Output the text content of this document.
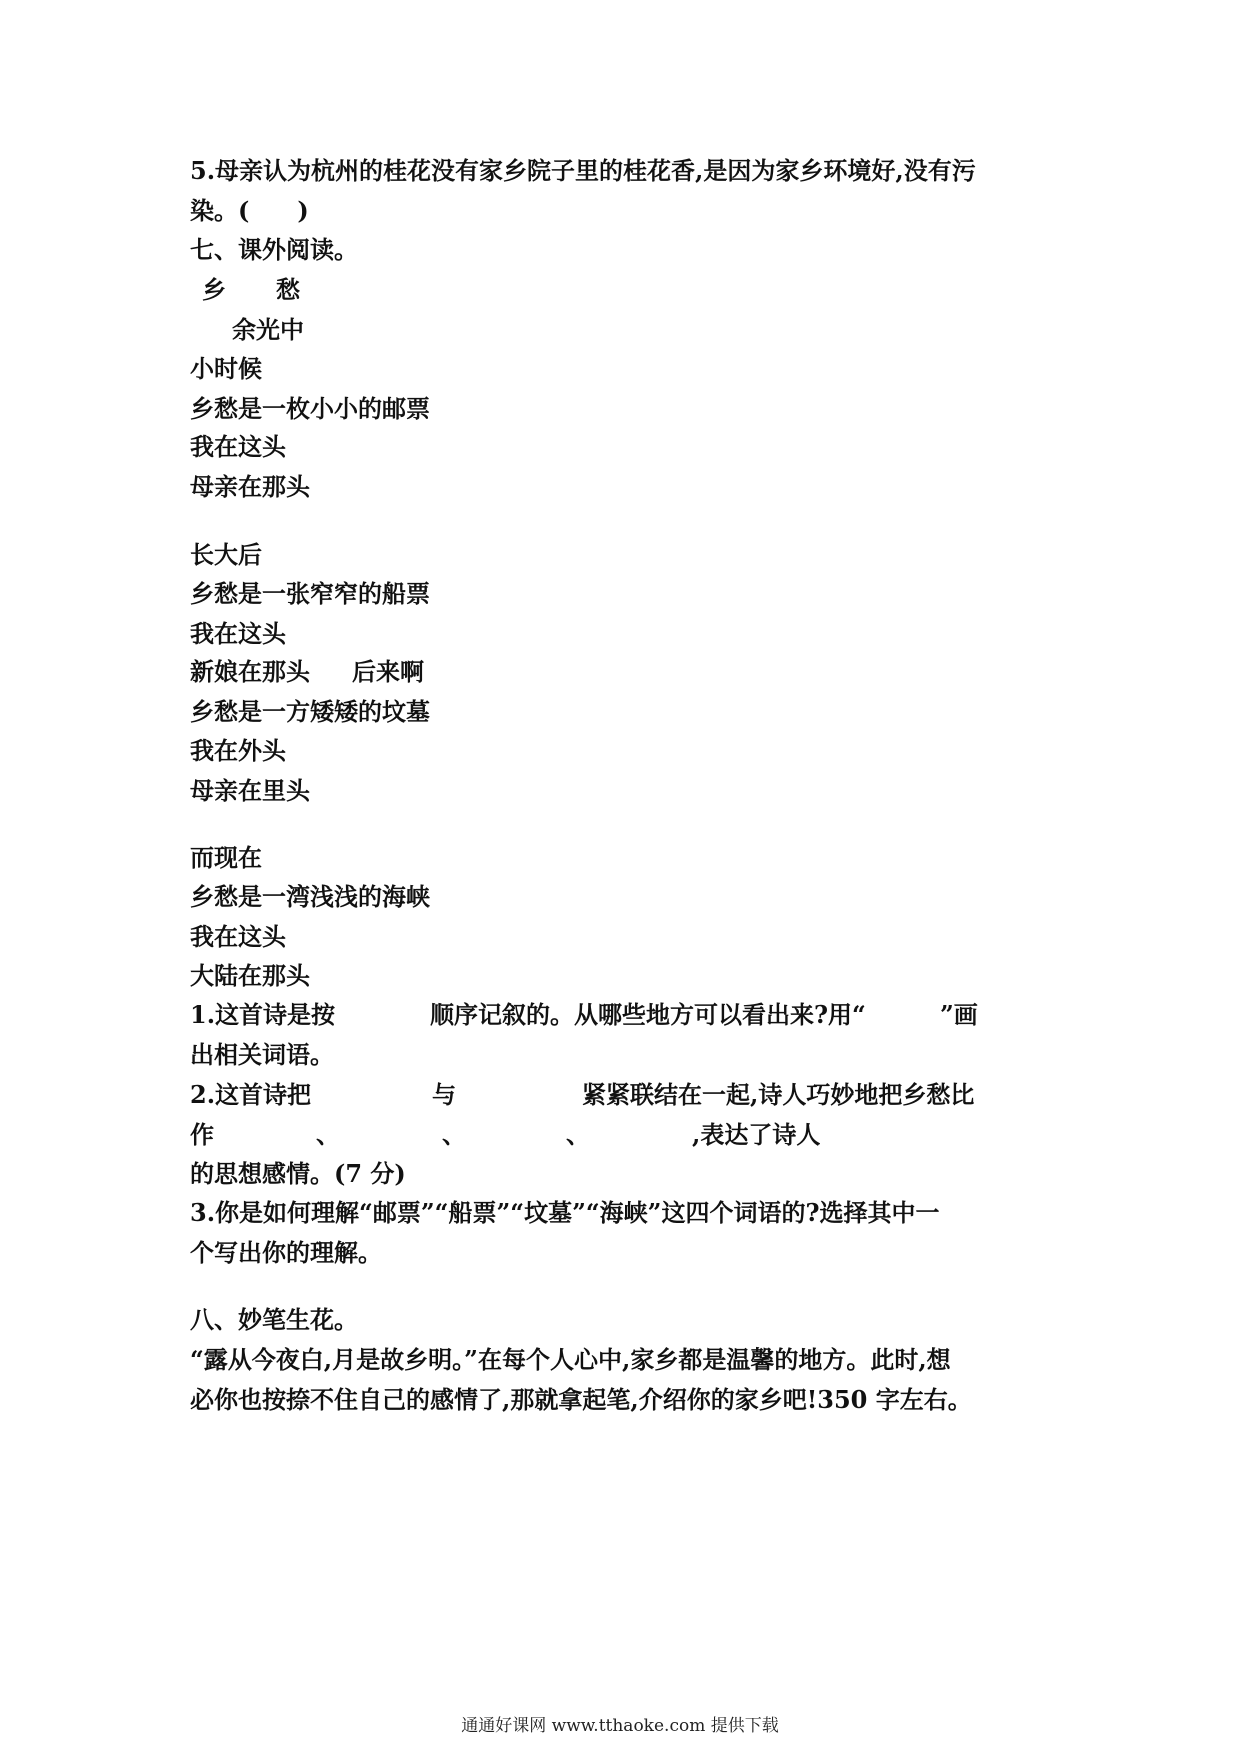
5.母亲认为杭州的桂花没有家乡院子里的桂花香,是因为家乡环境好,没有污
染。(　　)
七、课外阅读。
乡 愁
余光中
小时候
乡愁是一枚小小的邮票
我在这头
母亲在那头
长大后
乡愁是一张窄窄的船票
我在这头
新娘在那头 后来啊
乡愁是一方矮矮的坟墓
我在外头
母亲在里头
而现在
乡愁是一湾浅浅的海峡
我在这头
大陆在那头
1.这首诗是按	顺序记叙的。从哪些地方可以看出来?用“	”画
出相关词语。
2.这首诗把	与	紧紧联结在一起,诗人巧妙地把乡愁比
作	、	、	、	,表达了诗人
的思想感情。(7 分)
3.你是如何理解“邮票”“船票”“坟墓”“海峡”这四个词语的?选择其中一
个写出你的理解。
八、妙笔生花。
“露从今夜白,月是故乡明。”在每个人心中,家乡都是温馨的地方。此时,想
必你也按捺不住自己的感情了,那就拿起笔,介绍你的家乡吧!350 字左右。
通通好课网 www.tthaoke.com 提供下载
